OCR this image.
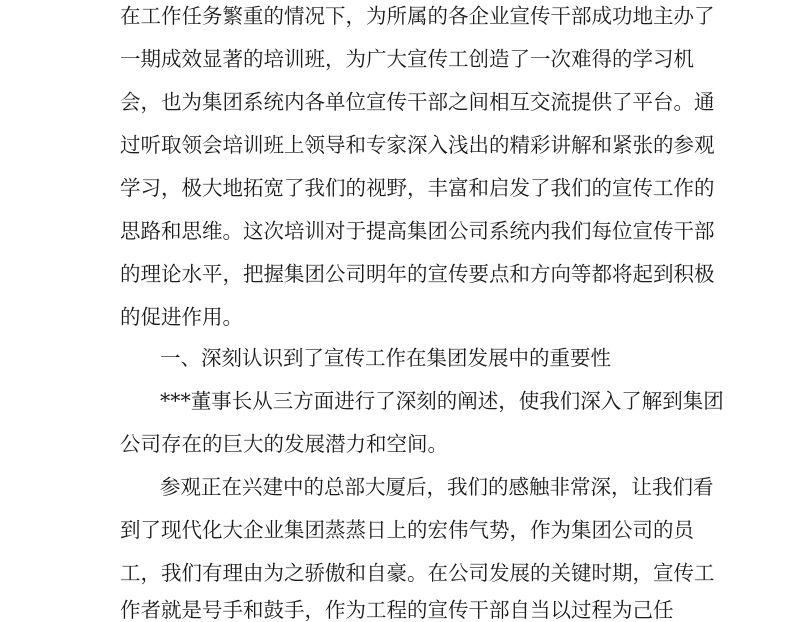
在工作任务繁重的情况下，为所属的各企业宣传干部成功地主办了
一期成效显著的培训班，为广大宣传工创造了一次难得的学习机
会，也为集团系统内各单位宣传干部之间相互交流提供了平台。通
过听取领会培训班上领导和专家深入浅出的精彩讲解和紧张的参观
学习，极大地拓宽了我们的视野，丰富和启发了我们的宣传工作的
思路和思维。这次培训对于提高集团公司系统内我们每位宣传干部
的理论水平，把握集团公司明年的宣传要点和方向等都将起到积极
的促进作用。
一、深刻认识到了宣传工作在集团发展中的重要性
***董事长从三方面进行了深刻的阐述，使我们深入了解到集团
公司存在的巨大的发展潜力和空间。
参观正在兴建中的总部大厦后，我们的感触非常深，让我们看
到了现代化大企业集团蒸蒸日上的宏伟气势，作为集团公司的员
工，我们有理由为之骄傲和自豪。在公司发展的关键时期，宣传工
作者就是号手和鼓手，作为工程的宣传干部自当以过程为己任
